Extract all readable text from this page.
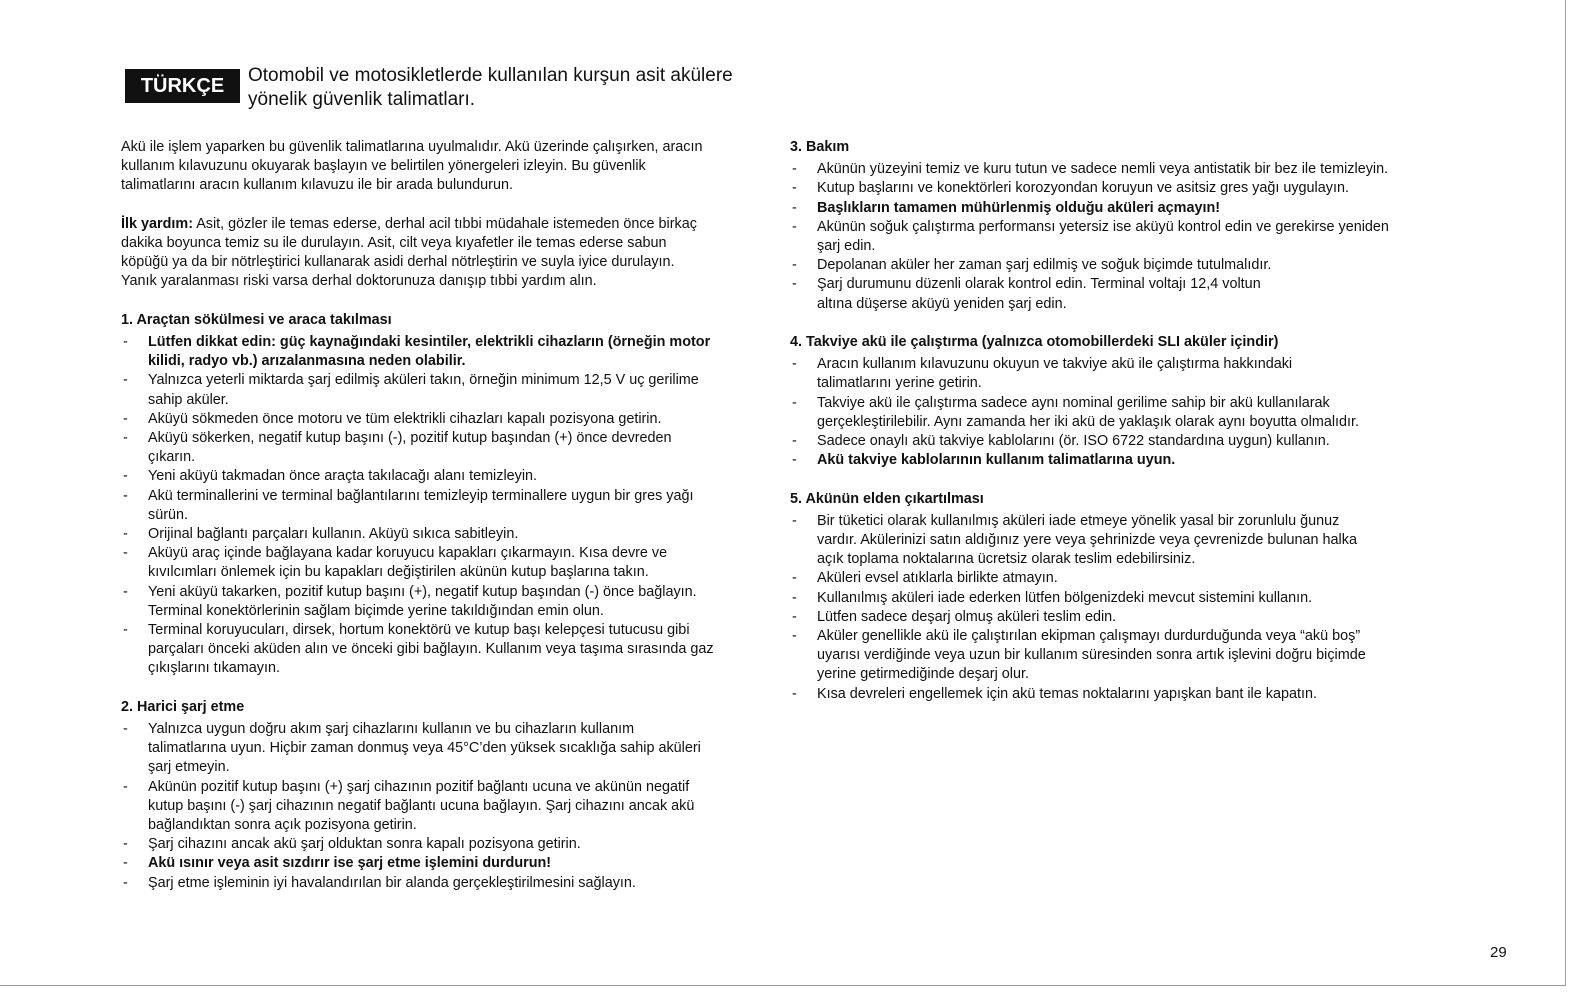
TÜRKÇE	Otomobil ve motosikletlerde kullanılan kurşun asit akülere
yönelik güvenlik talimatları.

Akü ile işlem yaparken bu güvenlik talimatlarına uyulmalıdır. Akü üzerinde çalışırken, aracın
kullanım kılavuzunu okuyarak başlayın ve belirtilen yönergeleri izleyin. Bu güvenlik
talimatlarını aracın kullanım kılavuzu ile bir arada bulundurun.

İlk yardım: Asit, gözler ile temas ederse, derhal acil tıbbi müdahale istemeden önce birkaç
dakika boyunca temiz su ile durulayın. Asit, cilt veya kıyafetler ile temas ederse sabun
köpüğü ya da bir nötrleştirici kullanarak asidi derhal nötrleştirin ve suyla iyice durulayın.
Yanık yaralanması riski varsa derhal doktorunuza danışıp tıbbi yardım alın.

1. Araçtan sökülmesi ve araca takılması
- Lütfen dikkat edin: güç kaynağındaki kesintiler, elektrikli cihazların (örneğin motor
kilidi, radyo vb.) arızalanmasına neden olabilir.
- Yalnızca yeterli miktarda şarj edilmiş aküleri takın, örneğin minimum 12,5 V uç gerilime
sahip aküler.
- Aküyü sökmeden önce motoru ve tüm elektrikli cihazları kapalı pozisyona getirin.
- Aküyü sökerken, negatif kutup başını (-), pozitif kutup başından (+) önce devreden
çıkarın.
- Yeni aküyü takmadan önce araçta takılacağı alanı temizleyin.
- Akü terminallerini ve terminal bağlantılarını temizleyip terminallere uygun bir gres yağı
sürün.
- Orijinal bağlantı parçaları kullanın. Aküyü sıkıca sabitleyin.
- Aküyü araç içinde bağlayana kadar koruyucu kapakları çıkarmayın. Kısa devre ve
kıvılcımları önlemek için bu kapakları değiştirilen akünün kutup başlarına takın.
- Yeni aküyü takarken, pozitif kutup başını (+), negatif kutup başından (-) önce bağlayın.
Terminal konektörlerinin sağlam biçimde yerine takıldığından emin olun.
- Terminal koruyucuları, dirsek, hortum konektörü ve kutup başı kelepçesi tutucusu gibi
parçaları önceki aküden alın ve önceki gibi bağlayın. Kullanım veya taşıma sırasında gaz
çıkışlarını tıkamayın.
2. Harici şarj etme
- Yalnızca uygun doğru akım şarj cihazlarını kullanın ve bu cihazların kullanım
talimatlarına uyun. Hiçbir zaman donmuş veya 45°C’den yüksek sıcaklığa sahip aküleri
şarj etmeyin.
- Akünün pozitif kutup başını (+) şarj cihazının pozitif bağlantı ucuna ve akünün negatif
kutup başını (-) şarj cihazının negatif bağlantı ucuna bağlayın. Şarj cihazını ancak akü
bağlandıktan sonra açık pozisyona getirin.
- Şarj cihazını ancak akü şarj olduktan sonra kapalı pozisyona getirin.
- Akü ısınır veya asit sızdırır ise şarj etme işlemini durdurun!
- Şarj etme işleminin iyi havalandırılan bir alanda gerçekleştirilmesini sağlayın.
3. Bakım
- Akünün yüzeyini temiz ve kuru tutun ve sadece nemli veya antistatik bir bez ile temizleyin.
- Kutup başlarını ve konektörleri korozyondan koruyun ve asitsiz gres yağı uygulayın.
- Başlıkların tamamen mühürlenmiş olduğu aküleri açmayın!
- Akünün soğuk çalıştırma performansı yetersiz ise aküyü kontrol edin ve gerekirse yeniden
şarj edin.
- Depolanan aküler her zaman şarj edilmiş ve soğuk biçimde tutulmalıdır.
- Şarj durumunu düzenli olarak kontrol edin. Terminal voltajı 12,4 voltun
altına düşerse aküyü yeniden şarj edin.
4. Takviye akü ile çalıştırma (yalnızca otomobillerdeki SLI aküler içindir)
- Aracın kullanım kılavuzunu okuyun ve takviye akü ile çalıştırma hakkındaki
talimatlarını yerine getirin.
- Takviye akü ile çalıştırma sadece aynı nominal gerilime sahip bir akü kullanılarak
gerçekleştirilebilir. Aynı zamanda her iki akü de yaklaşık olarak aynı boyutta olmalıdır.
- Sadece onaylı akü takviye kablolarını (ör. ISO 6722 standardına uygun) kullanın.
- Akü takviye kablolarının kullanım talimatlarına uyun.
5. Akünün elden çıkartılması
- Bir tüketici olarak kullanılmış aküleri iade etmeye yönelik yasal bir zorunlulu ğunuz
vardır. Akülerinizi satın aldığınız yere veya şehrinizde veya çevrenizde bulunan halka
açık toplama noktalarına ücretsiz olarak teslim edebilirsiniz.
- Aküleri evsel atıklarla birlikte atmayın.
- Kullanılmış aküleri iade ederken lütfen bölgenizdeki mevcut sistemini kullanın.
- Lütfen sadece deşarj olmuş aküleri teslim edin.
- Aküler genellikle akü ile çalıştırılan ekipman çalışmayı durdurduğunda veya “akü boş”
uyarısı verdiğinde veya uzun bir kullanım süresinden sonra artık işlevini doğru biçimde
yerine getirmediğinde deşarj olur.
- Kısa devreleri engellemek için akü temas noktalarını yapışkan bant ile kapatın.
29
